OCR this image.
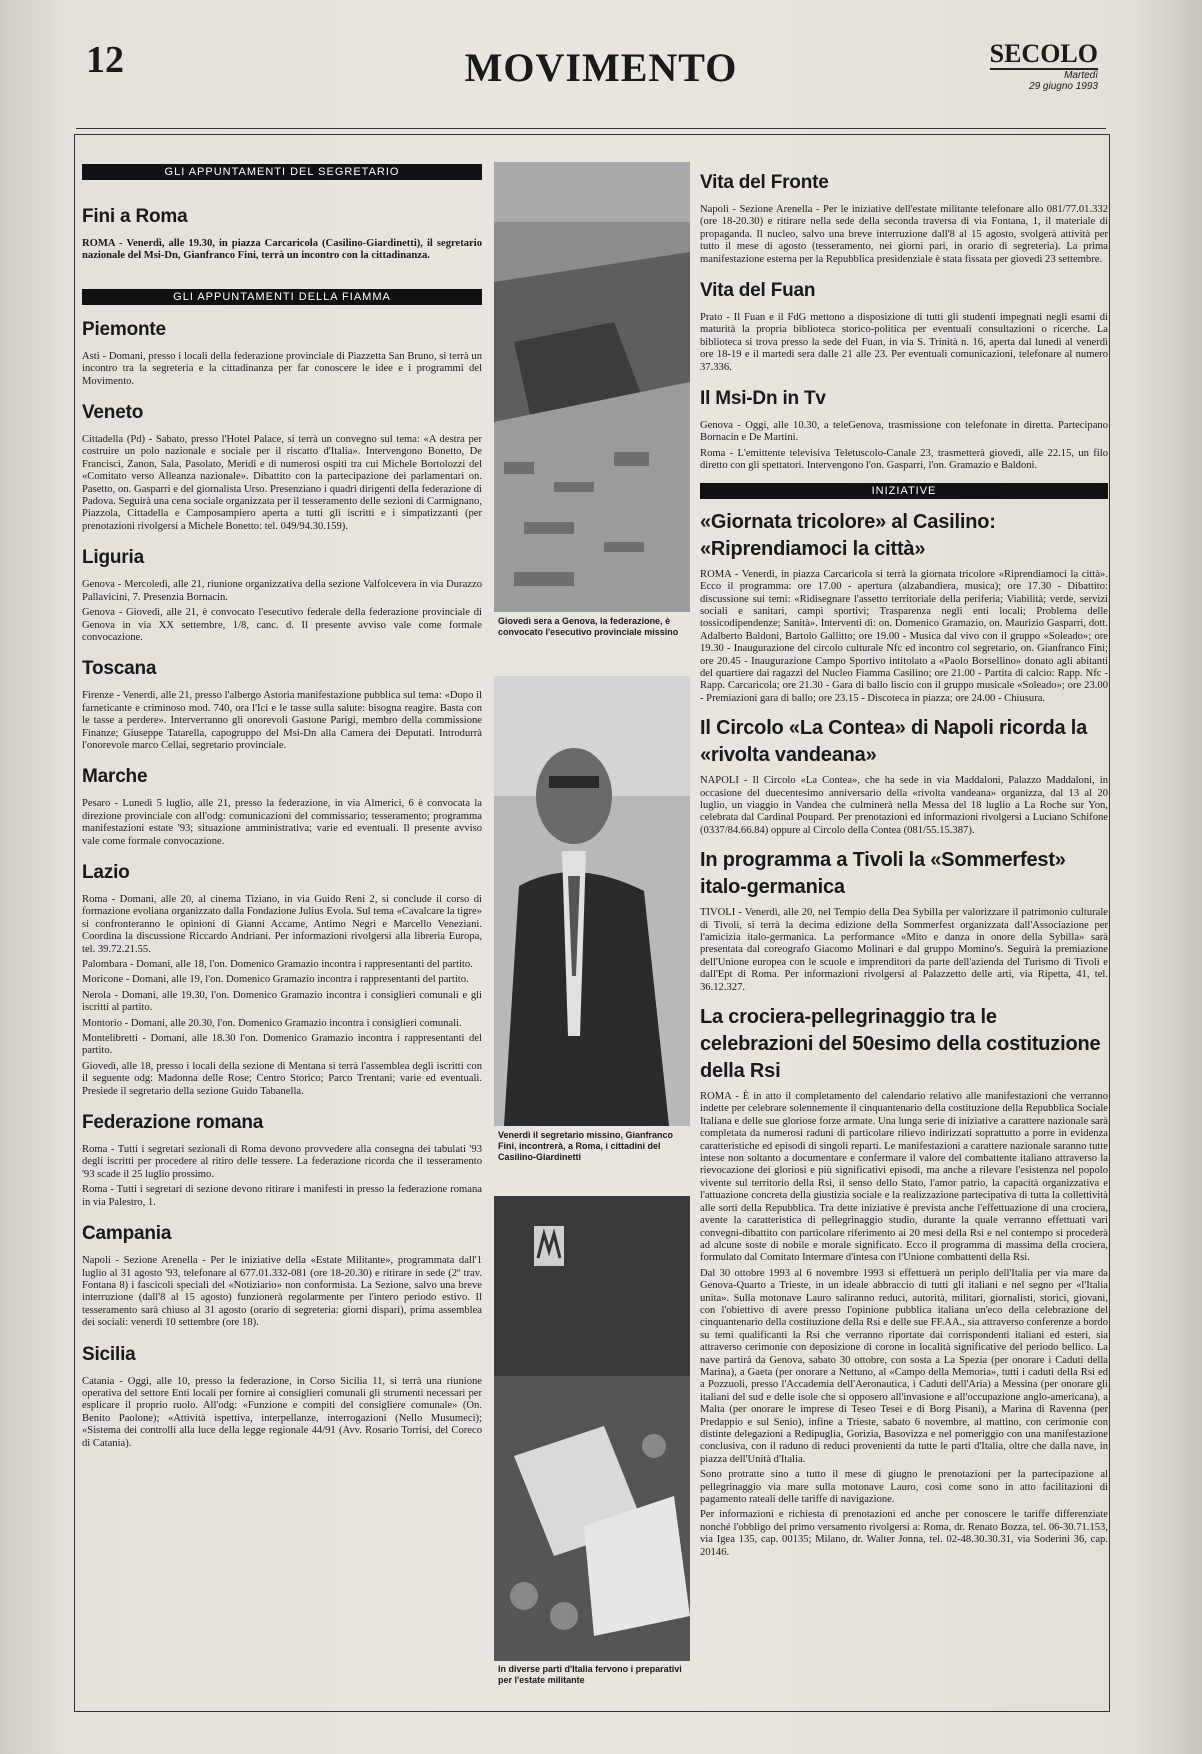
12	MOVIMENTO	SECOLO
Martedì
29 giugno 1993
GLI APPUNTAMENTI DEL SEGRETARIO
Fini a Roma
ROMA - Venerdì, alle 19.30, in piazza Carcaricola (Casilino-Giardinetti), il segretario nazionale del Msi-Dn, Gianfranco Fini, terrà un incontro con la cittadinanza.
GLI APPUNTAMENTI DELLA FIAMMA
Piemonte
Asti - Domani, presso i locali della federazione provinciale di Piazzetta San Bruno, si terrà un incontro tra la segreteria e la cittadinanza per far conoscere le idee e i programmi del Movimento.
Veneto
Cittadella (Pd) - Sabato, presso l'Hotel Palace, si terrà un convegno sul tema: «A destra per costruire un polo nazionale e sociale per il riscatto d'Italia». Intervengono Bonetto, De Francisci, Zanon, Sala, Pasolato, Meridi e di numerosi ospiti tra cui Michele Bortolozzi del «Comitato verso Alleanza nazionale». Dibattito con la partecipazione dei parlamentari on. Pasetto, on. Gasparri e del giornalista Urso. Presenziano i quadri dirigenti della federazione di Padova. Seguirà una cena sociale organizzata per il tesseramento delle sezioni di Carmignano, Piazzola, Cittadella e Camposampiero aperta a tutti gli iscritti e i simpatizzanti (per prenotazioni rivolgersi a Michele Bonetto: tel. 049/94.30.159).
Liguria
Genova - Mercoledì, alle 21, riunione organizzativa della sezione Valfolcevera in via Durazzo Pallavicini, 7. Presenzia Bornacin.
Genova - Giovedì, alle 21, è convocato l'esecutivo federale della federazione provinciale di Genova in via XX settembre, 1/8, canc. d. Il presente avviso vale come formale convocazione.
Toscana
Firenze - Venerdì, alle 21, presso l'albergo Astoria manifestazione pubblica sul tema: «Dopo il farneticante e criminoso mod. 740, ora l'Ici e le tasse sulla salute: bisogna reagire. Basta con le tasse a perdere». Interverranno gli onorevoli Gastone Parigi, membro della commissione Finanze; Giuseppe Tatarella, capogruppo del Msi-Dn alla Camera dei Deputati. Introdurrà l'onorevole marco Cellai, segretario provinciale.
Marche
Pesaro - Lunedì 5 luglio, alle 21, presso la federazione, in via Almerici, 6 è convocata la direzione provinciale con all'odg: comunicazioni del commissario; tesseramento; programma manifestazioni estate '93; situazione amministrativa; varie ed eventuali. Il presente avviso vale come formale convocazione.
Lazio
Roma - Domani, alle 20, al cinema Tiziano, in via Guido Reni 2, si conclude il corso di formazione evoliana organizzato dalla Fondazione Julius Evola. Sul tema «Cavalcare la tigre» si confronteranno le opinioni di Gianni Accame, Antimo Negri e Marcello Veneziani. Coordina la discussione Riccardo Andriani. Per informazioni rivolgersi alla libreria Europa, tel. 39.72.21.55.
Palombara - Domani, alle 18, l'on. Domenico Gramazio incontra i rappresentanti del partito.
Moricone - Domani, alle 19, l'on. Domenico Gramazio incontra i rappresentanti del partito.
Nerola - Domani, alle 19.30, l'on. Domenico Gramazio incontra i consiglieri comunali e gli iscritti al partito.
Montorio - Domani, alle 20.30, l'on. Domenico Gramazio incontra i consiglieri comunali.
Montelibretti - Domani, alle 18.30 l'on. Domenico Gramazio incontra i rappresentanti del partito.
Giovedì, alle 18, presso i locali della sezione di Mentana si terrà l'assemblea degli iscritti con il seguente odg: Madonna delle Rose; Centro Storico; Parco Trentani; varie ed eventuali. Presiede il segretario della sezione Guido Tabanella.
Federazione romana
Roma - Tutti i segretari sezionali di Roma devono provvedere alla consegna dei tabulati '93 degli iscritti per procedere al ritiro delle tessere. La federazione ricorda che il tesseramento '93 scade il 25 luglio prossimo.
Roma - Tutti i segretari di sezione devono ritirare i manifesti in presso la federazione romana in via Palestro, 1.
Campania
Napoli - Sezione Arenella - Per le iniziative della «Estate Militante», programmata dall'1 luglio al 31 agosto '93, telefonare al 677.01.332-081 (ore 18-20.30) e ritirare in sede (2º trav. Fontana 8) i fascicoli speciali del «Notiziario» non conformista. La Sezione, salvo una breve interruzione (dall'8 al 15 agosto) funzionerà regolarmente per l'intero periodo estivo. Il tesseramento sarà chiuso al 31 agosto (orario di segreteria: giorni dispari), prima assemblea dei sociali: venerdì 10 settembre (ore 18).
Sicilia
Catania - Oggi, alle 10, presso la federazione, in Corso Sicilia 11, si terrà una riunione operativa del settore Enti locali per fornire ai consiglieri comunali gli strumenti necessari per esplicare il proprio ruolo. All'odg: «Funzione e compiti del consigliere comunale» (On. Benito Paolone); «Attività ispettiva, interpellanze, interrogazioni (Nello Musumeci); «Sistema dei controlli alla luce della legge regionale 44/91 (Avv. Rosario Torrisi, del Coreco di Catania).
Giovedì sera a Genova, la federazione, è convocato l'esecutivo provinciale missino
Venerdì il segretario missino, Gianfranco Fini, incontrerà, a Roma, i cittadini del Casilino-Giardinetti
In diverse parti d'Italia fervono i preparativi per l'estate militante
Vita del Fronte
Napoli - Sezione Arenella - Per le iniziative dell'estate militante telefonare allo 081/77.01.332 (ore 18-20.30) e ritirare nella sede della seconda traversa di via Fontana, 1, il materiale di propaganda. Il nucleo, salvo una breve interruzione dall'8 al 15 agosto, svolgerà attività per tutto il mese di agosto (tesseramento, nei giorni pari, in orario di segreteria). La prima manifestazione esterna per la Repubblica presidenziale è stata fissata per giovedì 23 settembre.
Vita del Fuan
Prato - Il Fuan e il FdG mettono a disposizione di tutti gli studenti impegnati negli esami di maturità la propria biblioteca storico-politica per eventuali consultazioni o ricerche. La biblioteca si trova presso la sede del Fuan, in via S. Trinità n. 16, aperta dal lunedì al venerdì ore 18-19 e il martedì sera dalle 21 alle 23. Per eventuali comunicazioni, telefonare al numero 37.336.
Il Msi-Dn in Tv
Genova - Oggi, alle 10.30, a teleGenova, trasmissione con telefonate in diretta. Partecipano Bornacin e De Martini.
Roma - L'emittente televisiva Teletuscolo-Canale 23, trasmetterà giovedì, alle 22.15, un filo diretto con gli spettatori. Intervengono l'on. Gasparri, l'on. Gramazio e Baldoni.
INIZIATIVE
«Giornata tricolore» al Casilino: «Riprendiamoci la città»
ROMA - Venerdì, in piazza Carcaricola si terrà la giornata tricolore «Riprendiamoci la città». Ecco il programma: ore 17.00 - apertura (alzabandiera, musica); ore 17.30 - Dibattito: discussione sui temi: «Ridisegnare l'assetto territoriale della periferia; Viabilità; verde, servizi sociali e sanitari, campi sportivi; Trasparenza negli enti locali; Problema delle tossicodipendenze; Sanità». Interventi di: on. Domenico Gramazio, on. Maurizio Gasparri, dott. Adalberto Baldoni, Bartolo Gallitto; ore 19.00 - Musica dal vivo con il gruppo «Soleado»; ore 19.30 - Inaugurazione del circolo culturale Nfc ed incontro col segretario, on. Gianfranco Fini; ore 20.45 - Inaugurazione Campo Sportivo intitolato a «Paolo Borsellino» donato agli abitanti del quartiere dai ragazzi del Nucleo Fiamma Casilino; ore 21.00 - Partita di calcio: Rapp. Nfc - Rapp. Carcaricola; ore 21.30 - Gara di ballo liscio con il gruppo musicale «Soleado»; ore 23.00 - Premiazioni gara di ballo; ore 23.15 - Discoteca in piazza; ore 24.00 - Chiusura.
Il Circolo «La Contea» di Napoli ricorda la «rivolta vandeana»
NAPOLI - Il Circolo «La Contea», che ha sede in via Maddaloni, Palazzo Maddaloni, in occasione del duecentesimo anniversario della «rivolta vandeana» organizza, dal 13 al 20 luglio, un viaggio in Vandea che culminerà nella Messa del 18 luglio a La Roche sur Yon, celebrata dal Cardinal Poupard. Per prenotazioni ed informazioni rivolgersi a Luciano Schifone (0337/84.66.84) oppure al Circolo della Contea (081/55.15.387).
In programma a Tivoli la «Sommerfest» italo-germanica
TIVOLI - Venerdì, alle 20, nel Tempio della Dea Sybilla per valorizzare il patrimonio culturale di Tivoli, si terrà la decima edizione della Sommerfest organizzata dall'Associazione per l'amicizia italo-germanica. La performance «Mito e danza in onore della Sybilla» sarà presentata dal coreografo Giacomo Molinari e dal gruppo Momino's. Seguirà la premiazione dell'Unione europea con le scuole e imprenditori da parte dell'azienda del Turismo di Tivoli e dall'Ept di Roma. Per informazioni rivolgersi al Palazzetto delle arti, via Ripetta, 41, tel. 36.12.327.
La crociera-pellegrinaggio tra le celebrazioni del 50esimo della costituzione della Rsi
ROMA - È in atto il completamento del calendario relativo alle manifestazioni che verranno indette per celebrare solennemente il cinquantenario della costituzione della Repubblica Sociale Italiana e delle sue gloriose forze armate. Una lunga serie di iniziative a carattere nazionale sarà completata da numerosi raduni di particolare rilievo indirizzati soprattutto a porre in evidenza caratteristiche ed episodi di singoli reparti. Le manifestazioni a carattere nazionale saranno tutte intese non soltanto a documentare e confermare il valore del combattente italiano attraverso la rievocazione dei gloriosi e più significativi episodi, ma anche a rilevare l'esistenza nel popolo vivente sul territorio della Rsi, il senso dello Stato, l'amor patrio, la capacità organizzativa e l'attuazione concreta della giustizia sociale e la realizzazione partecipativa di tutta la collettività alle sorti della Repubblica. Tra dette iniziative è prevista anche l'effettuazione di una crociera, avente la caratteristica di pellegrinaggio studio, durante la quale verranno effettuati vari convegni-dibattito con particolare riferimento ai 20 mesi della Rsi e nel contempo si procederà ad alcune soste di nobile e morale significato. Ecco il programma di massima della crociera, formulato dal Comitato Intermare d'intesa con l'Unione combattenti della Rsi.
Dal 30 ottobre 1993 al 6 novembre 1993 si effettuerà un periplo dell'Italia per via mare da Genova-Quarto a Trieste, in un ideale abbraccio di tutti gli italiani e nel segno per «l'Italia unita». Sulla motonave Lauro saliranno reduci, autorità, militari, giornalisti, storici, giovani, con l'obiettivo di avere presso l'opinione pubblica italiana un'eco della celebrazione del cinquantenario della costituzione della Rsi e delle sue FF.AA., sia attraverso conferenze a bordo su temi qualificanti la Rsi che verranno riportate dai corrispondenti italiani ed esteri, sia attraverso cerimonie con deposizione di corone in località significative del periodo bellico. La nave partirà da Genova, sabato 30 ottobre, con sosta a La Spezia (per onorare i Caduti della Marina), a Gaeta (per onorare a Nettuno, al «Campo della Memoria», tutti i caduti della Rsi ed a Pozzuoli, presso l'Accademia dell'Aeronautica, i Caduti dell'Aria) a Messina (per onorare gli italiani del sud e delle isole che si opposero all'invasione e all'occupazione anglo-americana), a Malta (per onorare le imprese di Teseo Tesei e di Borg Pisani), a Marina di Ravenna (per Predappio e sul Senio), infine a Trieste, sabato 6 novembre, al mattino, con cerimonie con distinte delegazioni a Redipuglia, Gorizia, Basovizza e nel pomeriggio con una manifestazione conclusiva, con il raduno di reduci provenienti da tutte le parti d'Italia, oltre che dalla nave, in piazza dell'Unità d'Italia.
Sono protratte sino a tutto il mese di giugno le prenotazioni per la partecipazione al pellegrinaggio via mare sulla motonave Lauro, così come sono in atto facilitazioni di pagamento rateali delle tariffe di navigazione.
Per informazioni e richiesta di prenotazioni ed anche per conoscere le tariffe differenziate nonché l'obbligo del primo versamento rivolgersi a: Roma, dr. Renato Bozza, tel. 06-30.71.153, via Igea 135, cap. 00135; Milano, dr. Walter Jonna, tel. 02-48.30.30.31, via Soderini 36, cap. 20146.
